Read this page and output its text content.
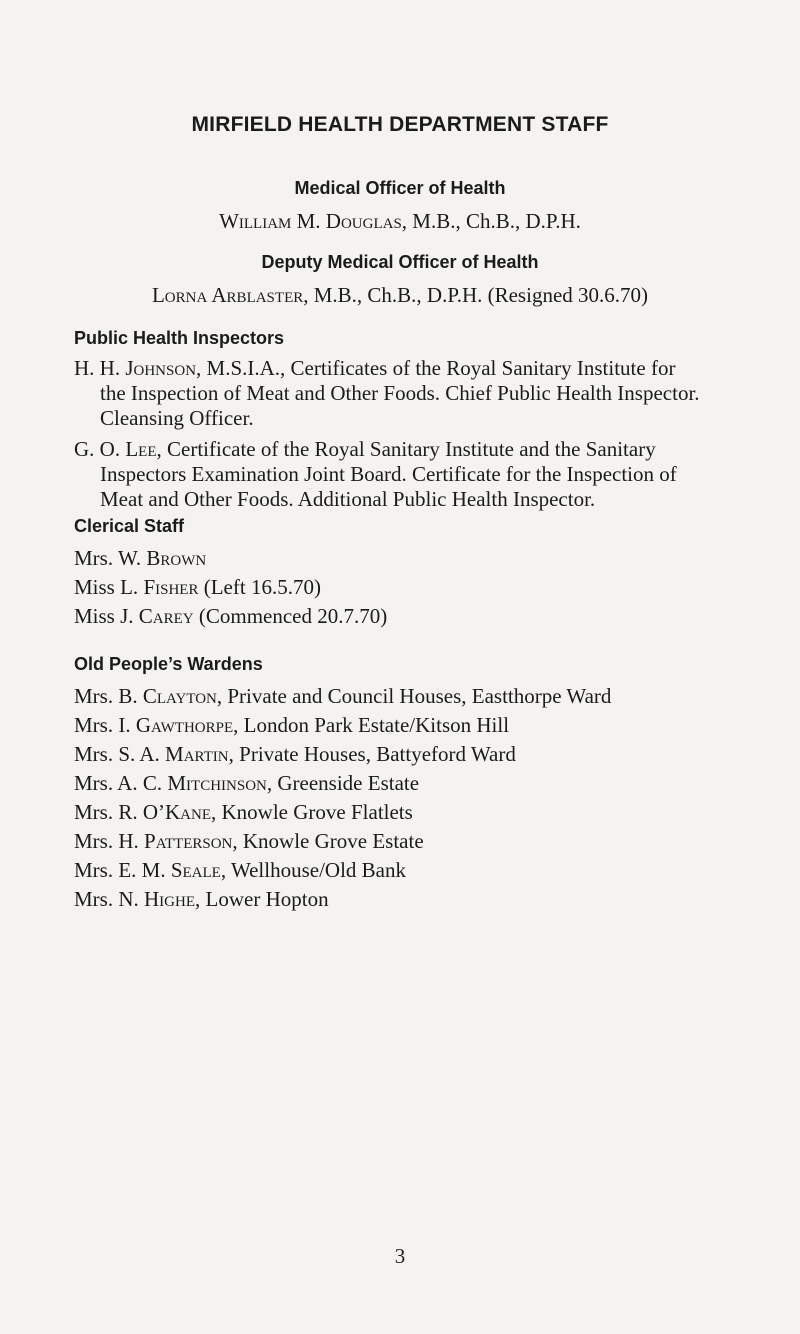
MIRFIELD HEALTH DEPARTMENT STAFF
Medical Officer of Health
William M. Douglas, M.B., Ch.B., D.P.H.
Deputy Medical Officer of Health
Lorna Arblaster, M.B., Ch.B., D.P.H. (Resigned 30.6.70)
Public Health Inspectors
H. H. Johnson, M.S.I.A., Certificates of the Royal Sanitary Institute for
the Inspection of Meat and Other Foods. Chief Public Health Inspector.
Cleansing Officer.
G. O. Lee, Certificate of the Royal Sanitary Institute and the Sanitary
Inspectors Examination Joint Board. Certificate for the Inspection of
Meat and Other Foods. Additional Public Health Inspector.
Clerical Staff
Mrs. W. Brown
Miss L. Fisher (Left 16.5.70)
Miss J. Carey (Commenced 20.7.70)
Old People’s Wardens
Mrs. B. Clayton, Private and Council Houses, Eastthorpe Ward
Mrs. I. Gawthorpe, London Park Estate/Kitson Hill
Mrs. S. A. Martin, Private Houses, Battyeford Ward
Mrs. A. C. Mitchinson, Greenside Estate
Mrs. R. O’Kane, Knowle Grove Flatlets
Mrs. H. Patterson, Knowle Grove Estate
Mrs. E. M. Seale, Wellhouse/Old Bank
Mrs. N. Highe, Lower Hopton
3
